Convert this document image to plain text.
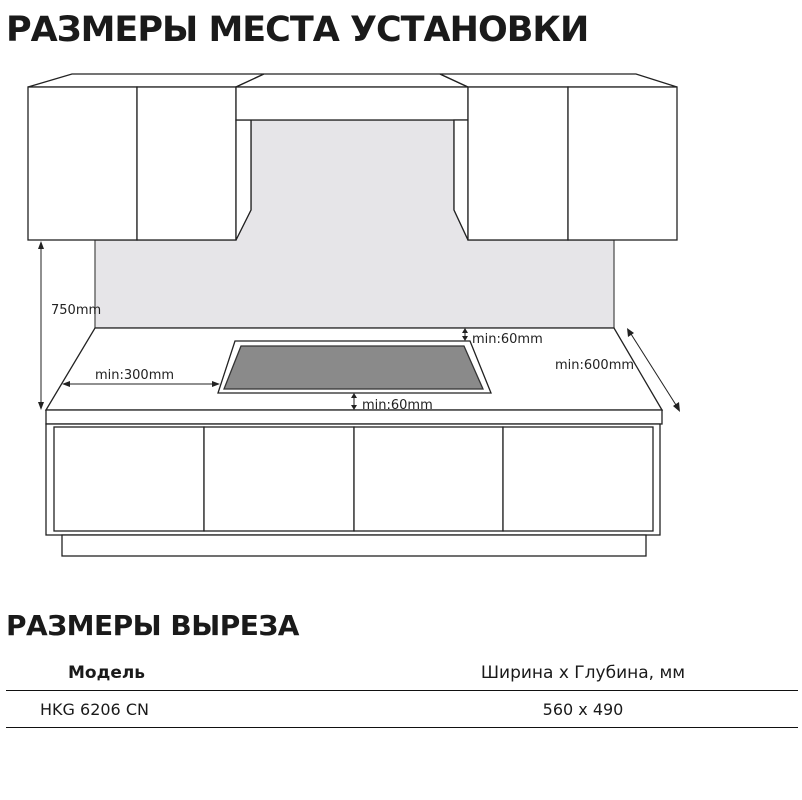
РАЗМЕРЫ МЕСТА УСТАНОВКИ
750mm
min:300mm
min:60mm
min:60mm
min:600mm
РАЗМЕРЫ ВЫРЕЗА
Модель	Ширина х Глубина, мм
HKG 6206 CN	560 x 490
